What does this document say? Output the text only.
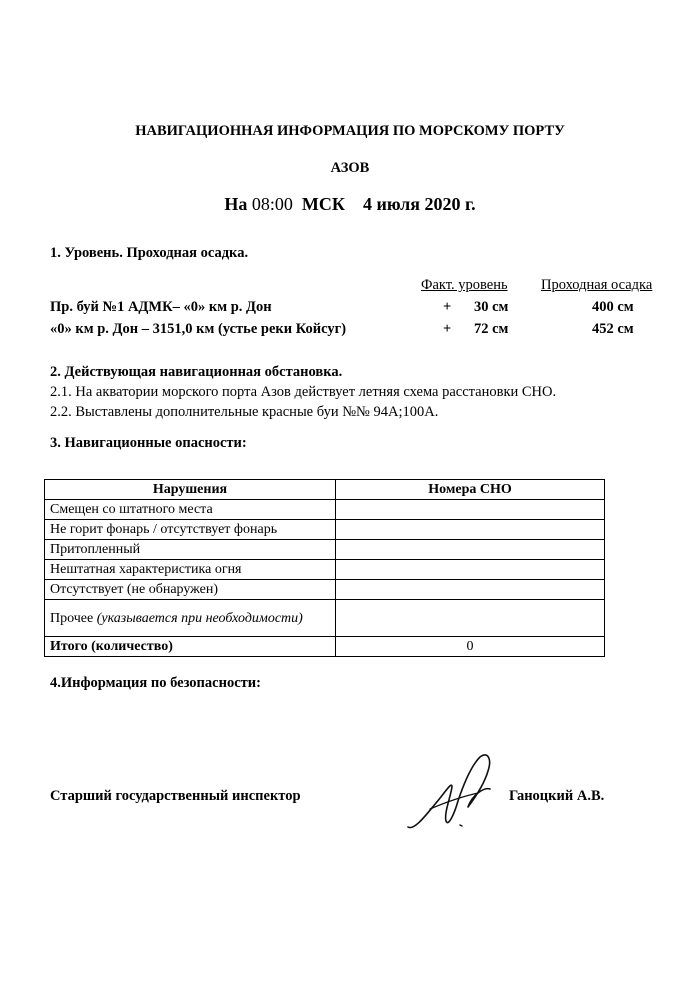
НАВИГАЦИОННАЯ ИНФОРМАЦИЯ ПО МОРСКОМУ ПОРТУ
АЗОВ
На 08:00 МСК 4 июля 2020 г.
1. Уровень. Проходная осадка.
Факт. уровень Проходная осадка
Пр. буй №1 АДМК– «0» км р. Дон	+ 30 см	400 см
«0» км р. Дон – 3151,0 км (устье реки Койсуг)	+ 72 см	452 см
2. Действующая навигационная обстановка.
2.1. На акватории морского порта Азов действует летняя схема расстановки СНО.
2.2. Выставлены дополнительные красные буи №№ 94А;100А.
3. Навигационные опасности:
Нарушения	Номера СНО
Смещен со штатного места	
Не горит фонарь / отсутствует фонарь	
Притопленный	
Нештатная характеристика огня	
Отсутствует (не обнаружен)	
Прочее (указывается при необходимости)	
Итого (количество)	0
4.Информация по безопасности:
Старший государственный инспектор	Ганоцкий А.В.
